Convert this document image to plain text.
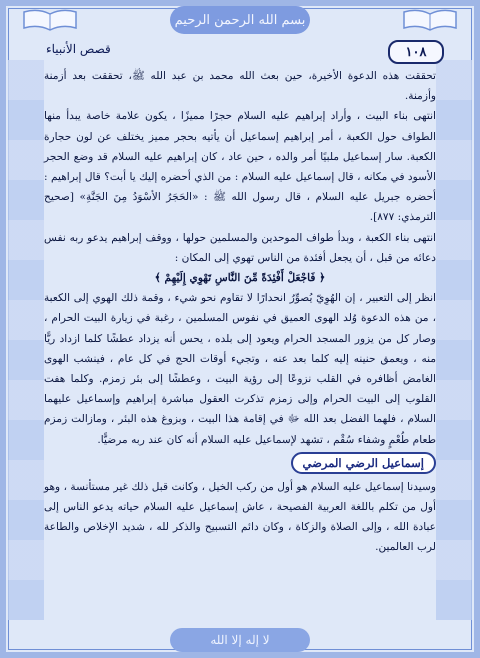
بسم الله الرحمن الرحيم
١٠٨
قصص الأنبياء

تحققت هذه الدعوة الأخيرة، حين بعث الله محمد بن عبد الله ﷺ، تحققت بعد أزمنة وأزمنة.

انتهى بناء البيت ، وأراد إبراهيم عليه السلام حجرًا مميزًا ، يكون علامة خاصة يبدأ منها الطواف حول الكعبة ، أمر إبراهيم إسماعيل أن يأتيه بحجر مميز يختلف عن لون حجارة الكعبة. سار إسماعيل ملبيًا أمر والده ، حين عاد ، كان إبراهيم عليه السلام قد وضع الحجر الأسود في مكانه ، قال إسماعيل عليه السلام : من الذي أحضره إليك يا أبت؟ قال إبراهيم : أحضره جبريل عليه السلام ، قال رسول الله ﷺ : «الحَجَرُ الأسْوَدُ مِنَ الجَنَّةِ» [صحيح الترمذي: ٨٧٧].

انتهى بناء الكعبة ، وبدأ طواف الموحدين والمسلمين حولها ، ووقف إبراهيم يدعو ربه نفس دعائه من قبل ، أن يجعل أفئدة من الناس تهوي إلى المكان :

﴿ فَاجْعَلْ أَفْئِدَةً مِّنَ النَّاسِ تَهْوِي إِلَيْهِمْ ﴾

انظر إلى التعبير ، إن الهُوِيّ يُصوِّرُ انحدارًا لا تقاوم نحو شيء ، وقمة ذلك الهوي إلى الكعبة ، من هذه الدعوة وُلد الهوى العميق في نفوس المسلمين ، رغبة في زيارة البيت الحرام ، وصار كل من يزور المسجد الحرام ويعود إلى بلده ، يحس أنه يزداد عطشًا كلما ازداد ريًّا منه ، ويعمق حنينه إليه كلما بعد عنه ، وتجيء أوقات الحج في كل عام ، فينشب الهوى الغامض أظافره في القلب نزوعًا إلى رؤية البيت ، وعطشًا إلى بئر زمزم. وكلما هفت القلوب إلى البيت الحرام وإلى زمزم تذكرت العقول مباشرة إبراهيم وإسماعيل عليهما السلام ، فلهما الفضل بعد الله ﷻ في إقامة هذا البيت ، وبزوغ هذه البئر ، ومازالت زمزم طعام طُعْمٍ وشفاء سُقْم ، تشهد لإسماعيل عليه السلام أنه كان عند ربه مرضيًّا.

إسماعيل الرضي المرضي

وسيدنا إسماعيل عليه السلام هو أول من ركب الخيل ، وكانت قبل ذلك غير مستأنسة ، وهو أول من تكلم باللغة العربية الفصيحة ، عاش إسماعيل عليه السلام حياته يدعو الناس إلى عبادة الله ، وإلى الصلاة والزكاة ، وكان دائم التسبيح والذكر لله ، شديد الإخلاص والطاعة لرب العالمين.

لا إله إلا الله
